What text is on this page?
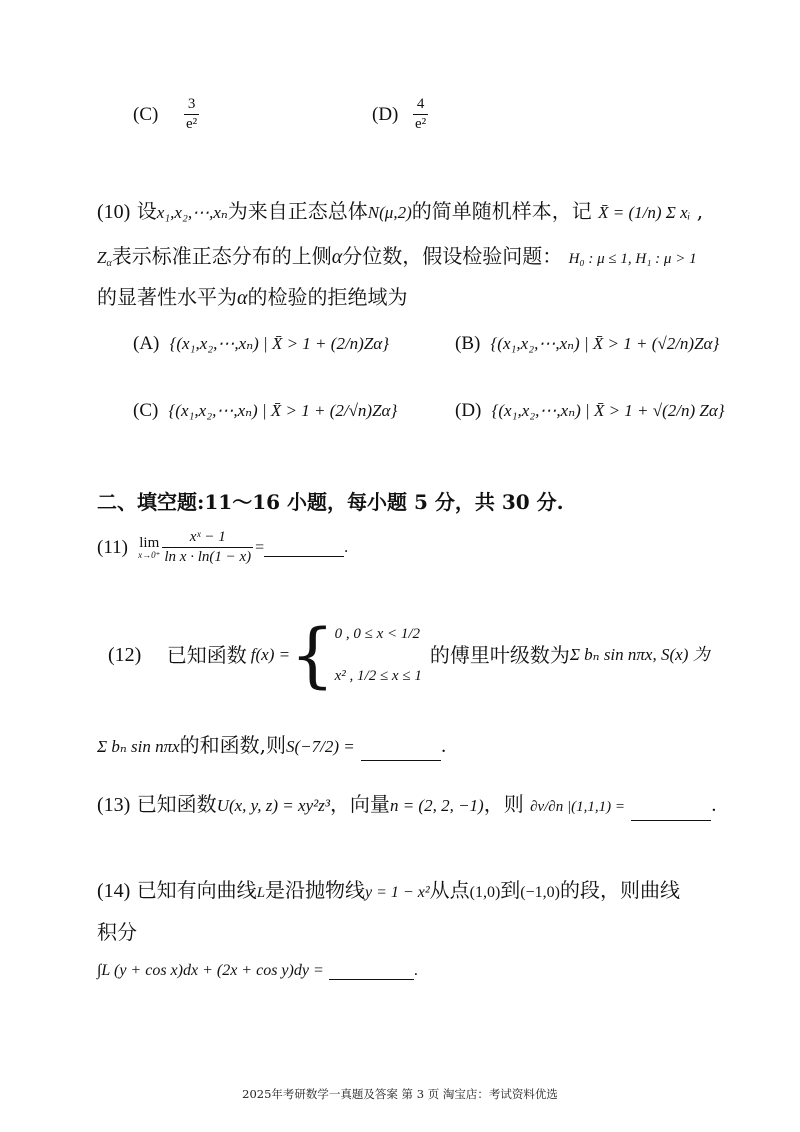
$(C) \frac{3}{\text{e²}}$	$(D) \frac{4}{\text{e²}}$
(10) 设x₁,x₂,⋯,xₙ为来自正态总体N(μ,2)的简单随机样本，记 X̄ = (1/n) Σ xᵢ ,
$Z_\alpha$表示标准正态分布的上侧α分位数，假设检验问题： H₀ : μ ≤ 1, H₁ : μ > 1
的显著性水平为α的检验的拒绝域为
(A) {(x₁,x₂,⋯,xₙ) | X̄ > 1 + (2/n)Zα}	(B) {(x₁,x₂,⋯,xₙ) | X̄ > 1 + (√2/n)Zα}
(C) {(x₁,x₂,⋯,xₙ) | X̄ > 1 + (2/√n)Zα}	(D) {(x₁,x₂,⋯,xₙ) | X̄ > 1 + √(2/n) Zα}
二、填空题:11～16 小题，每小题 5 分，共 30 分.
(11)
lim
$x\to 0^+ \frac{\text{xˣ − 1}}{\text{ln x · ln(1 − x)}}$ =	.
(12)
已知函数 f(x) = { 0 , 0 ≤ x < 1/2
x² , 1/2 ≤ x ≤ 1
的傅里叶级数为 Σ bₙ sin nπx , S(x) 为
Σ bₙ sin nπx的和函数,则S(−7/2) =	.
(13) 已知函数U(x, y, z) = xy²z³，向量n = (2, 2, −1)，则 ∂v/∂n |(1,1,1) =	.
(14) 已知有向曲线L是沿抛物线y = 1 − x²从点(1,0)到(−1,0)的段，则曲线
积分
∫L (y + cos x)dx + (2x + cos y)dy =	.
2025年考研数学一真题及答案 第 3 页 淘宝店：考试资料优选
